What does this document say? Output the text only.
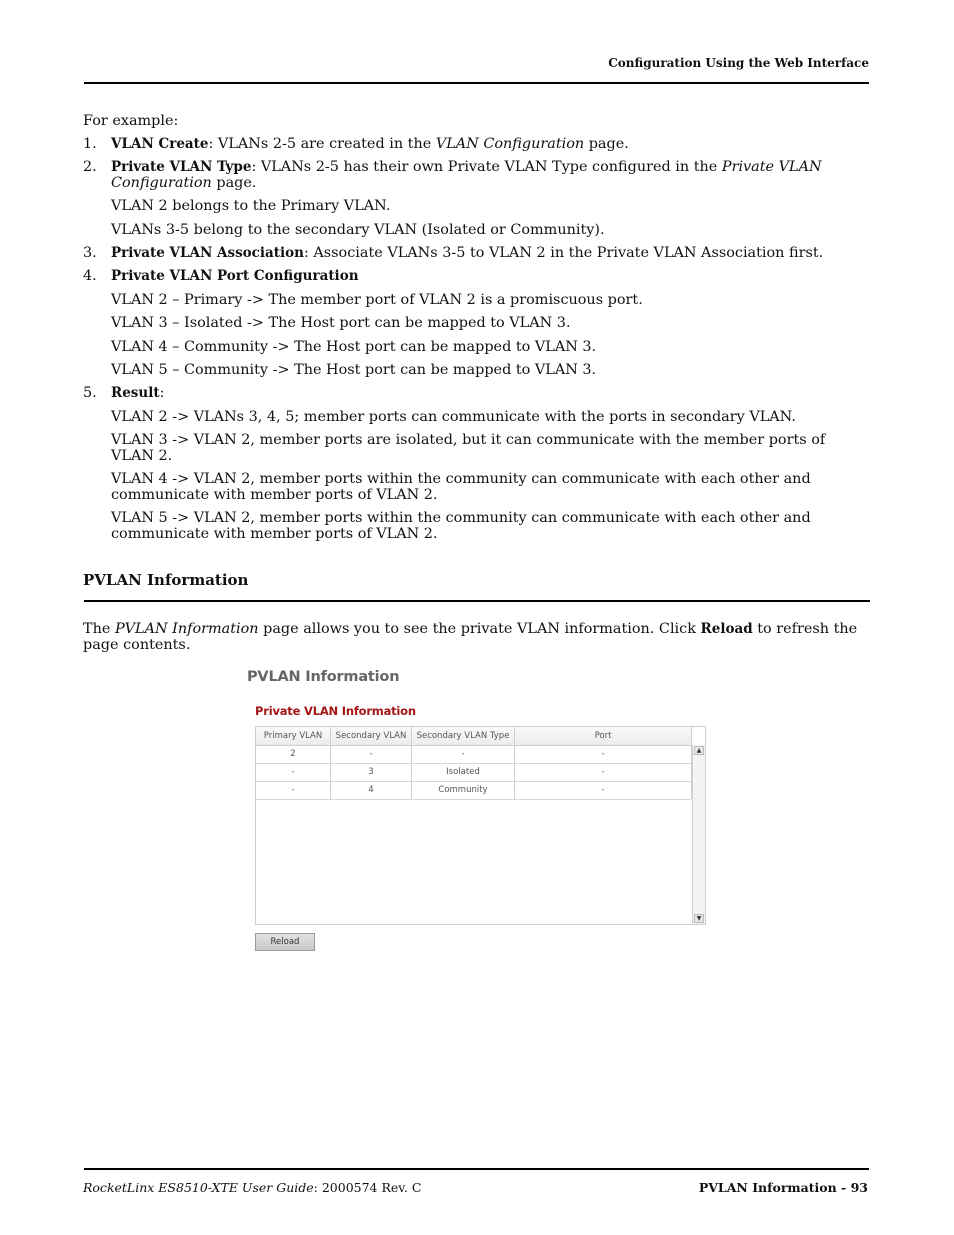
Configuration Using the Web Interface
For example:
1. VLAN Create: VLANs 2-5 are created in the VLAN Configuration page.
2. Private VLAN Type: VLANs 2-5 has their own Private VLAN Type configured in the Private VLAN Configuration page.
VLAN 2 belongs to the Primary VLAN.
VLANs 3-5 belong to the secondary VLAN (Isolated or Community).
3. Private VLAN Association: Associate VLANs 3-5 to VLAN 2 in the Private VLAN Association first.
4. Private VLAN Port Configuration
VLAN 2 – Primary -> The member port of VLAN 2 is a promiscuous port.
VLAN 3 – Isolated -> The Host port can be mapped to VLAN 3.
VLAN 4 – Community -> The Host port can be mapped to VLAN 3.
VLAN 5 – Community -> The Host port can be mapped to VLAN 3.
5. Result:
VLAN 2 -> VLANs 3, 4, 5; member ports can communicate with the ports in secondary VLAN.
VLAN 3 -> VLAN 2, member ports are isolated, but it can communicate with the member ports of VLAN 2.
VLAN 4 -> VLAN 2, member ports within the community can communicate with each other and communicate with member ports of VLAN 2.
VLAN 5 -> VLAN 2, member ports within the community can communicate with each other and communicate with member ports of VLAN 2.
PVLAN Information
The PVLAN Information page allows you to see the private VLAN information. Click Reload to refresh the page contents.
PVLAN Information
Private VLAN Information
Primary VLAN	Secondary VLAN	Secondary VLAN Type	Port
2	-	-	-
-	3	Isolated	-
-	4	Community	-
▲
▼
Reload
RocketLinx ES8510-XTE User Guide: 2000574 Rev. C	PVLAN Information - 93
